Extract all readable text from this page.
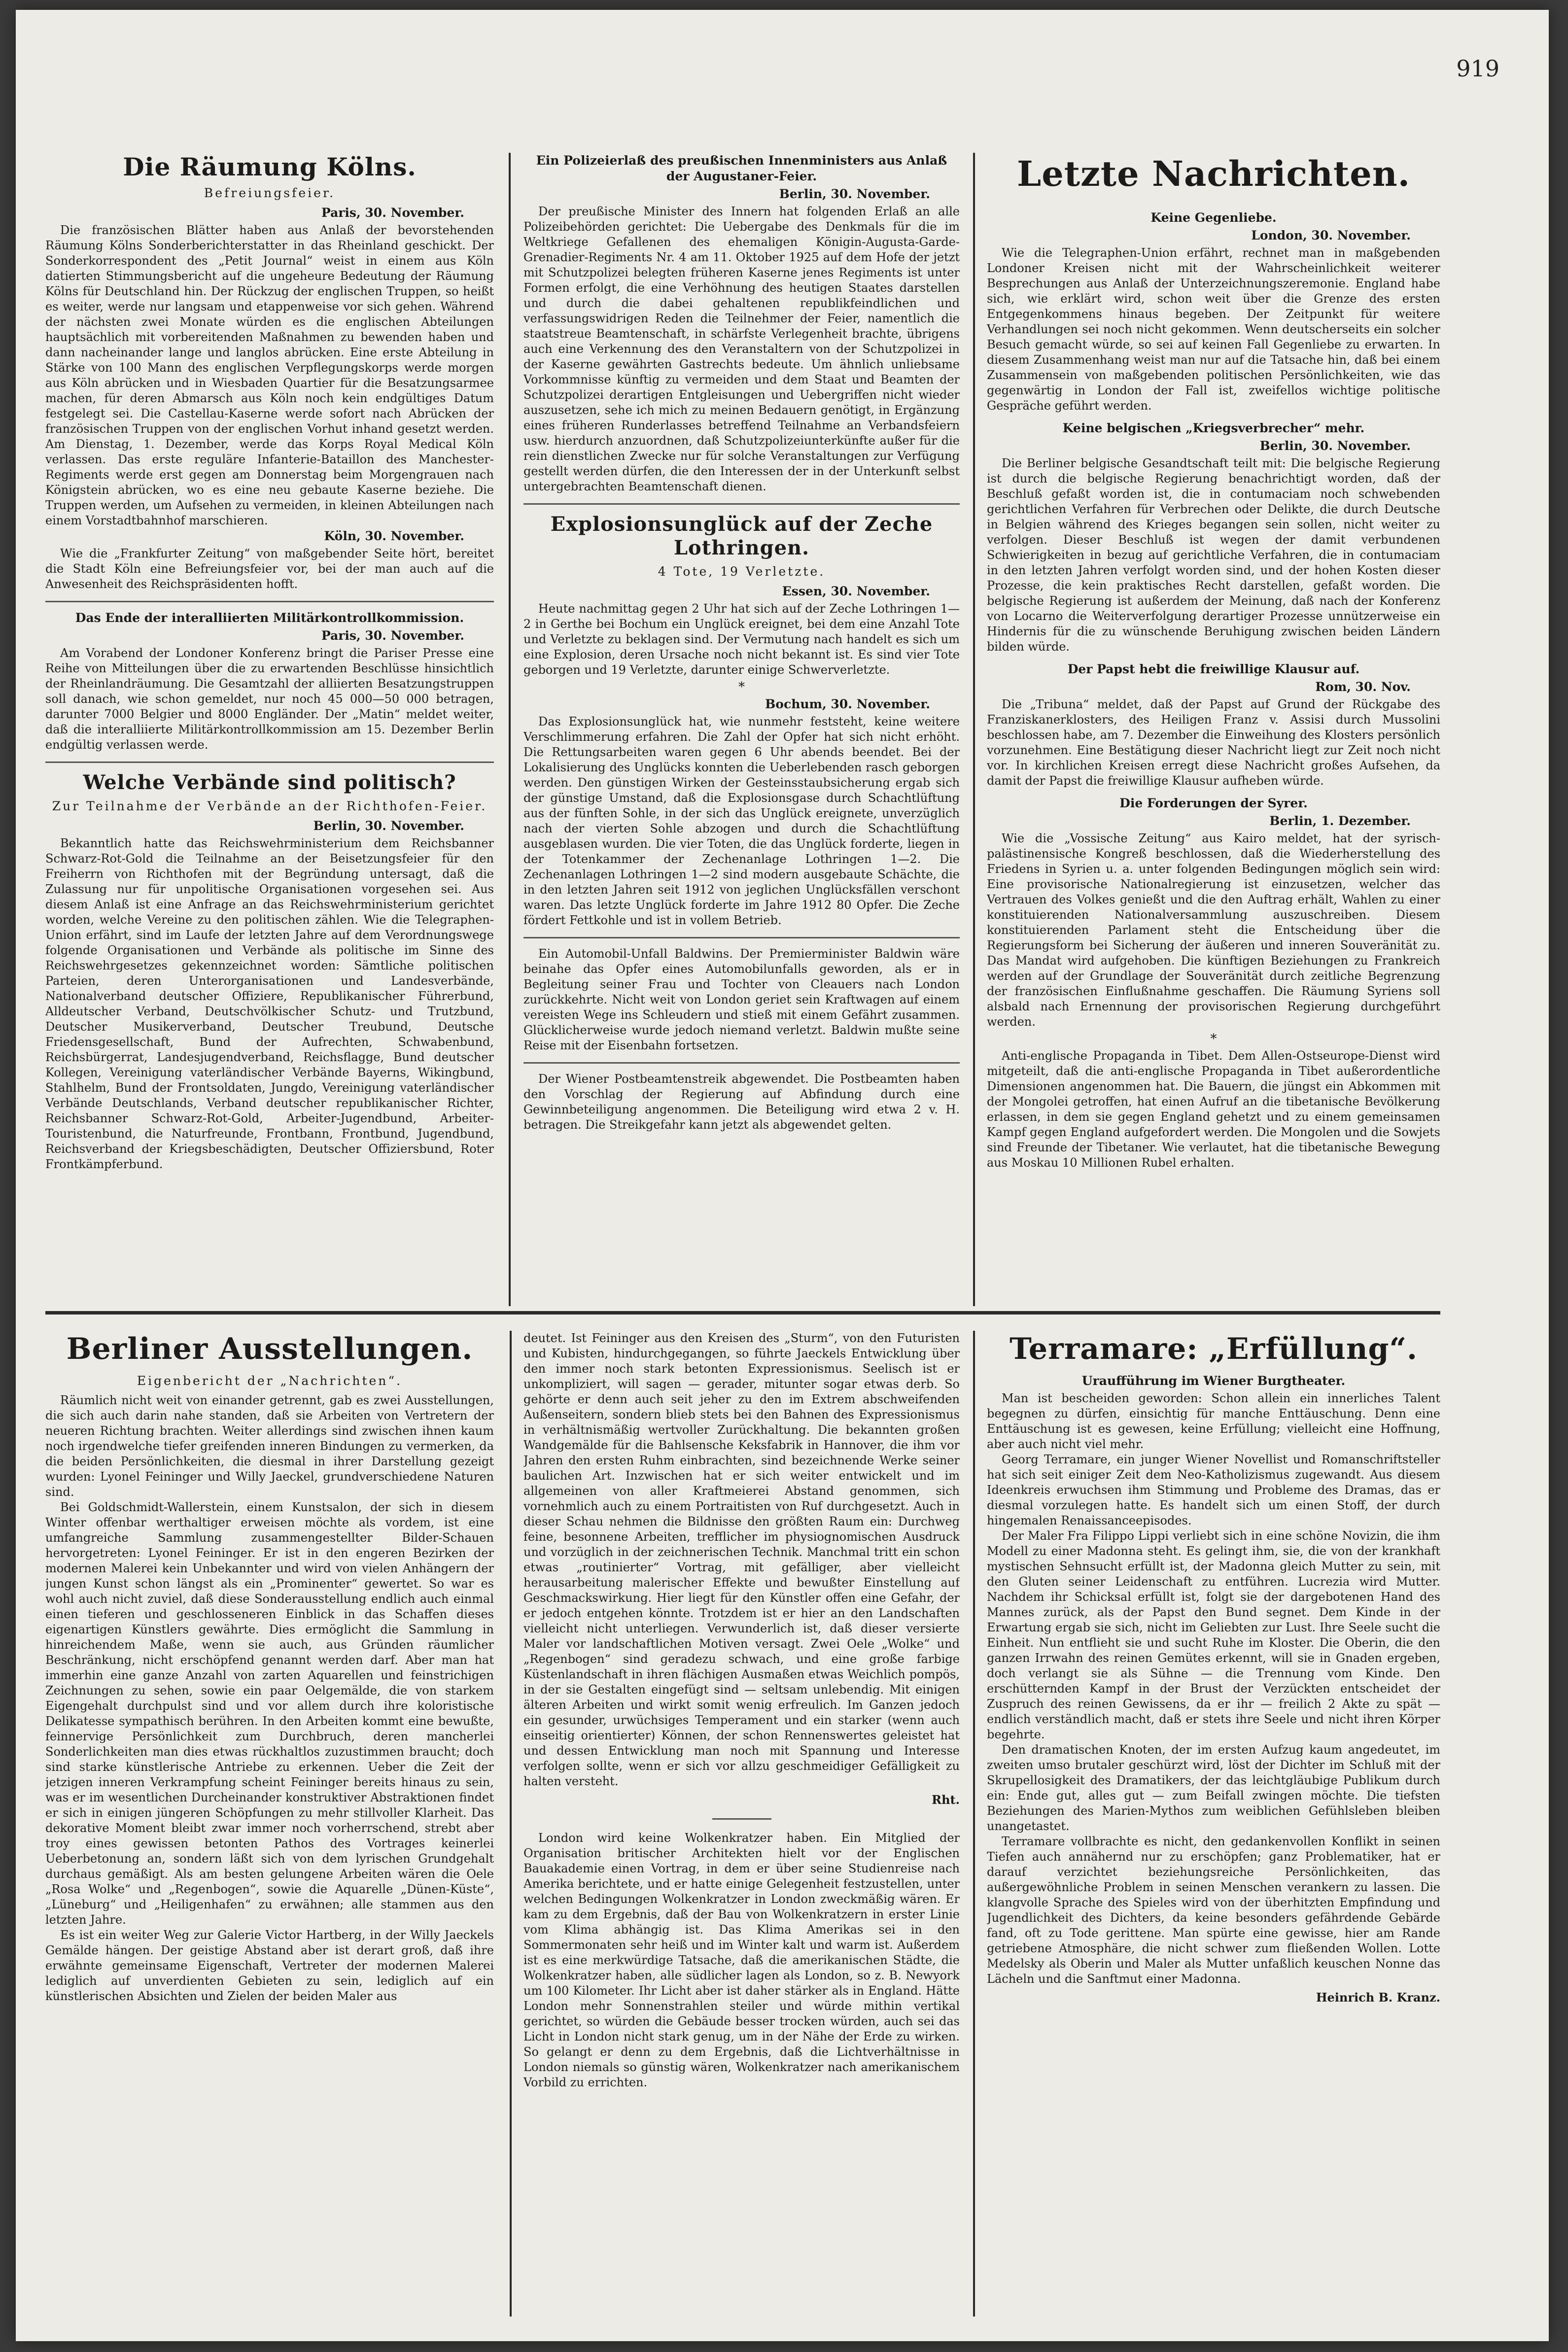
919
Die Räumung Kölns.
Befreiungsfeier.
Paris, 30. November.

Die französischen Blätter haben aus Anlaß der bevorstehenden Räumung Kölns Sonderberichterstatter in das Rheinland geschickt. Der Sonderkorrespondent des „Petit Journal“ weist in einem aus Köln datierten Stimmungsbericht auf die ungeheure Bedeutung der Räumung Kölns für Deutschland hin. Der Rückzug der englischen Truppen, so heißt es weiter, werde nur langsam und etappenweise vor sich gehen. Während der nächsten zwei Monate würden es die englischen Abteilungen hauptsächlich mit vorbereitenden Maßnahmen zu bewenden haben und dann nacheinander lange und langlos abrücken. Eine erste Abteilung in Stärke von 100 Mann des englischen Verpflegungskorps werde morgen aus Köln abrücken und in Wiesbaden Quartier für die Besatzungsarmee machen, für deren Abmarsch aus Köln noch kein endgültiges Datum festgelegt sei. Die Castellau-Kaserne werde sofort nach Abrücken der französischen Truppen von der englischen Vorhut inhand gesetzt werden. Am Dienstag, 1. Dezember, werde das Korps Royal Medical Köln verlassen. Das erste reguläre Infanterie-Bataillon des Manchester-Regiments werde erst gegen am Donnerstag beim Morgengrauen nach Königstein abrücken, wo es eine neu gebaute Kaserne beziehe. Die Truppen werden, um Aufsehen zu vermeiden, in kleinen Abteilungen nach einem Vorstadtbahnhof marschieren.

Köln, 30. November.

Wie die „Frankfurter Zeitung“ von maßgebender Seite hört, bereitet die Stadt Köln eine Befreiungsfeier vor, bei der man auch auf die Anwesenheit des Reichspräsidenten hofft.

Das Ende der interalliierten Militärkontrollkommission.
Paris, 30. November.

Am Vorabend der Londoner Konferenz bringt die Pariser Presse eine Reihe von Mitteilungen über die zu erwartenden Beschlüsse hinsichtlich der Rheinlandräumung. Die Gesamtzahl der alliierten Besatzungstruppen soll danach, wie schon gemeldet, nur noch 45 000—50 000 betragen, darunter 7000 Belgier und 8000 Engländer. Der „Matin“ meldet weiter, daß die interalliierte Militärkontrollkommission am 15. Dezember Berlin endgültig verlassen werde.

Welche Verbände sind politisch?
Zur Teilnahme der Verbände an der Richthofen-Feier.
Berlin, 30. November.

Bekanntlich hatte das Reichswehrministerium dem Reichsbanner Schwarz-Rot-Gold die Teilnahme an der Beisetzungsfeier für den Freiherrn von Richthofen mit der Begründung untersagt, daß die Zulassung nur für unpolitische Organisationen vorgesehen sei. Aus diesem Anlaß ist eine Anfrage an das Reichswehrministerium gerichtet worden, welche Vereine zu den politischen zählen. Wie die Telegraphen-Union erfährt, sind im Laufe der letzten Jahre auf dem Verordnungswege folgende Organisationen und Verbände als politische im Sinne des Reichswehrgesetzes gekennzeichnet worden: Sämtliche politischen Parteien, deren Unterorganisationen und Landesverbände, Nationalverband deutscher Offiziere, Republikanischer Führerbund, Alldeutscher Verband, Deutschvölkischer Schutz- und Trutzbund, Deutscher Musikerverband, Deutscher Treubund, Deutsche Friedensgesellschaft, Bund der Aufrechten, Schwabenbund, Reichsbürgerrat, Landesjugendverband, Reichsflagge, Bund deutscher Kollegen, Vereinigung vaterländischer Verbände Bayerns, Wikingbund, Stahlhelm, Bund der Frontsoldaten, Jungdo, Vereinigung vaterländischer Verbände Deutschlands, Verband deutscher republikanischer Richter, Reichsbanner Schwarz-Rot-Gold, Arbeiter-Jugendbund, Arbeiter-Touristenbund, die Naturfreunde, Frontbann, Frontbund, Jugendbund, Reichsverband der Kriegsbeschädigten, Deutscher Offiziersbund, Roter Frontkämpferbund.

Ein Polizeierlaß des preußischen Innenministers aus Anlaß der Augustaner-Feier.
Berlin, 30. November.

Der preußische Minister des Innern hat folgenden Erlaß an alle Polizeibehörden gerichtet: Die Uebergabe des Denkmals für die im Weltkriege Gefallenen des ehemaligen Königin-Augusta-Garde-Grenadier-Regiments Nr. 4 am 11. Oktober 1925 auf dem Hofe der jetzt mit Schutzpolizei belegten früheren Kaserne jenes Regiments ist unter Formen erfolgt, die eine Verhöhnung des heutigen Staates darstellen und durch die dabei gehaltenen republikfeindlichen und verfassungswidrigen Reden die Teilnehmer der Feier, namentlich die staatstreue Beamtenschaft, in schärfste Verlegenheit brachte, übrigens auch eine Verkennung des den Veranstaltern von der Schutzpolizei in der Kaserne gewährten Gastrechts bedeute. Um ähnlich unliebsame Vorkommnisse künftig zu vermeiden und dem Staat und Beamten der Schutzpolizei derartigen Entgleisungen und Uebergriffen nicht wieder auszusetzen, sehe ich mich zu meinen Bedauern genötigt, in Ergänzung eines früheren Runderlasses betreffend Teilnahme an Verbandsfeiern usw. hierdurch anzuordnen, daß Schutzpolizeiunterkünfte außer für die rein dienstlichen Zwecke nur für solche Veranstaltungen zur Verfügung gestellt werden dürfen, die den Interessen der in der Unterkunft selbst untergebrachten Beamtenschaft dienen.

Explosionsunglück auf der Zeche Lothringen.
4 Tote, 19 Verletzte.
Essen, 30. November.

Heute nachmittag gegen 2 Uhr hat sich auf der Zeche Lothringen 1—2 in Gerthe bei Bochum ein Unglück ereignet, bei dem eine Anzahl Tote und Verletzte zu beklagen sind. Der Vermutung nach handelt es sich um eine Explosion, deren Ursache noch nicht bekannt ist. Es sind vier Tote geborgen und 19 Verletzte, darunter einige Schwerverletzte.

*
Bochum, 30. November.

Das Explosionsunglück hat, wie nunmehr feststeht, keine weitere Verschlimmerung erfahren. Die Zahl der Opfer hat sich nicht erhöht. Die Rettungsarbeiten waren gegen 6 Uhr abends beendet. Bei der Lokalisierung des Unglücks konnten die Ueberlebenden rasch geborgen werden. Den günstigen Wirken der Gesteinsstaubsicherung ergab sich der günstige Umstand, daß die Explosionsgase durch Schachtlüftung aus der fünften Sohle, in der sich das Unglück ereignete, unverzüglich nach der vierten Sohle abzogen und durch die Schachtlüftung ausgeblasen wurden. Die vier Toten, die das Unglück forderte, liegen in der Totenkammer der Zechenanlage Lothringen 1—2. Die Zechenanlagen Lothringen 1—2 sind modern ausgebaute Schächte, die in den letzten Jahren seit 1912 von jeglichen Unglücksfällen verschont waren. Das letzte Unglück forderte im Jahre 1912 80 Opfer. Die Zeche fördert Fettkohle und ist in vollem Betrieb.

Ein Automobil-Unfall Baldwins. Der Premierminister Baldwin wäre beinahe das Opfer eines Automobilunfalls geworden, als er in Begleitung seiner Frau und Tochter von Cleauers nach London zurückkehrte. Nicht weit von London geriet sein Kraftwagen auf einem vereisten Wege ins Schleudern und stieß mit einem Gefährt zusammen. Glücklicherweise wurde jedoch niemand verletzt. Baldwin mußte seine Reise mit der Eisenbahn fortsetzen.

Der Wiener Postbeamtenstreik abgewendet. Die Postbeamten haben den Vorschlag der Regierung auf Abfindung durch eine Gewinnbeteiligung angenommen. Die Beteiligung wird etwa 2 v. H. betragen. Die Streikgefahr kann jetzt als abgewendet gelten.

Letzte Nachrichten.
Keine Gegenliebe.
London, 30. November.

Wie die Telegraphen-Union erfährt, rechnet man in maßgebenden Londoner Kreisen nicht mit der Wahrscheinlichkeit weiterer Besprechungen aus Anlaß der Unterzeichnungszeremonie. England habe sich, wie erklärt wird, schon weit über die Grenze des ersten Entgegenkommens hinaus begeben. Der Zeitpunkt für weitere Verhandlungen sei noch nicht gekommen. Wenn deutscherseits ein solcher Besuch gemacht würde, so sei auf keinen Fall Gegenliebe zu erwarten. In diesem Zusammenhang weist man nur auf die Tatsache hin, daß bei einem Zusammensein von maßgebenden politischen Persönlichkeiten, wie das gegenwärtig in London der Fall ist, zweifellos wichtige politische Gespräche geführt werden.

Keine belgischen „Kriegsverbrecher“ mehr.
Berlin, 30. November.

Die Berliner belgische Gesandtschaft teilt mit: Die belgische Regierung ist durch die belgische Regierung benachrichtigt worden, daß der Beschluß gefaßt worden ist, die in contumaciam noch schwebenden gerichtlichen Verfahren für Verbrechen oder Delikte, die durch Deutsche in Belgien während des Krieges begangen sein sollen, nicht weiter zu verfolgen. Dieser Beschluß ist wegen der damit verbundenen Schwierigkeiten in bezug auf gerichtliche Verfahren, die in contumaciam in den letzten Jahren verfolgt worden sind, und der hohen Kosten dieser Prozesse, die kein praktisches Recht darstellen, gefaßt worden. Die belgische Regierung ist außerdem der Meinung, daß nach der Konferenz von Locarno die Weiterverfolgung derartiger Prozesse unnützerweise ein Hindernis für die zu wünschende Beruhigung zwischen beiden Ländern bilden würde.

Der Papst hebt die freiwillige Klausur auf.
Rom, 30. Nov.

Die „Tribuna“ meldet, daß der Papst auf Grund der Rückgabe des Franziskanerklosters, des Heiligen Franz v. Assisi durch Mussolini beschlossen habe, am 7. Dezember die Einweihung des Klosters persönlich vorzunehmen. Eine Bestätigung dieser Nachricht liegt zur Zeit noch nicht vor. In kirchlichen Kreisen erregt diese Nachricht großes Aufsehen, da damit der Papst die freiwillige Klausur aufheben würde.

Die Forderungen der Syrer.
Berlin, 1. Dezember.

Wie die „Vossische Zeitung“ aus Kairo meldet, hat der syrisch-palästinensische Kongreß beschlossen, daß die Wiederherstellung des Friedens in Syrien u. a. unter folgenden Bedingungen möglich sein wird: Eine provisorische Nationalregierung ist einzusetzen, welcher das Vertrauen des Volkes genießt und die den Auftrag erhält, Wahlen zu einer konstituierenden Nationalversammlung auszuschreiben. Diesem konstituierenden Parlament steht die Entscheidung über die Regierungsform bei Sicherung der äußeren und inneren Souveränität zu. Das Mandat wird aufgehoben. Die künftigen Beziehungen zu Frankreich werden auf der Grundlage der Souveränität durch zeitliche Begrenzung der französischen Einflußnahme geschaffen. Die Räumung Syriens soll alsbald nach Ernennung der provisorischen Regierung durchgeführt werden.

*

Anti-englische Propaganda in Tibet. Dem Allen-Ostseurope-Dienst wird mitgeteilt, daß die anti-englische Propaganda in Tibet außerordentliche Dimensionen angenommen hat. Die Bauern, die jüngst ein Abkommen mit der Mongolei getroffen, hat einen Aufruf an die tibetanische Bevölkerung erlassen, in dem sie gegen England gehetzt und zu einem gemeinsamen Kampf gegen England aufgefordert werden. Die Mongolen und die Sowjets sind Freunde der Tibetaner. Wie verlautet, hat die tibetanische Bewegung aus Moskau 10 Millionen Rubel erhalten.

Berliner Ausstellungen.
Eigenbericht der „Nachrichten“.

Räumlich nicht weit von einander getrennt, gab es zwei Ausstellungen, die sich auch darin nahe standen, daß sie Arbeiten von Vertretern der neueren Richtung brachten. Weiter allerdings sind zwischen ihnen kaum noch irgendwelche tiefer greifenden inneren Bindungen zu vermerken, da die beiden Persönlichkeiten, die diesmal in ihrer Darstellung gezeigt wurden: Lyonel Feininger und Willy Jaeckel, grundverschiedene Naturen sind.

Bei Goldschmidt-Wallerstein, einem Kunstsalon, der sich in diesem Winter offenbar werthaltiger erweisen möchte als vordem, ist eine umfangreiche Sammlung zusammengestellter Bilder-Schauen hervorgetreten: Lyonel Feininger. Er ist in den engeren Bezirken der modernen Malerei kein Unbekannter und wird von vielen Anhängern der jungen Kunst schon längst als ein „Prominenter“ gewertet. So war es wohl auch nicht zuviel, daß diese Sonderausstellung endlich auch einmal einen tieferen und geschlosseneren Einblick in das Schaffen dieses eigenartigen Künstlers gewährte. Dies ermöglicht die Sammlung in hinreichendem Maße, wenn sie auch, aus Gründen räumlicher Beschränkung, nicht erschöpfend genannt werden darf. Aber man hat immerhin eine ganze Anzahl von zarten Aquarellen und feinstrichigen Zeichnungen zu sehen, sowie ein paar Oelgemälde, die von starkem Eigengehalt durchpulst sind und vor allem durch ihre koloristische Delikatesse sympathisch berühren. In den Arbeiten kommt eine bewußte, feinnervige Persönlichkeit zum Durchbruch, deren mancherlei Sonderlichkeiten man dies etwas rückhaltlos zuzustimmen braucht; doch sind starke künstlerische Antriebe zu erkennen. Ueber die Zeit der jetzigen inneren Verkrampfung scheint Feininger bereits hinaus zu sein, was er im wesentlichen Durcheinander konstruktiver Abstraktionen findet er sich in einigen jüngeren Schöpfungen zu mehr stillvoller Klarheit. Das dekorative Moment bleibt zwar immer noch vorherrschend, strebt aber troy eines gewissen betonten Pathos des Vortrages keinerlei Ueberbetonung an, sondern läßt sich von dem lyrischen Grundgehalt durchaus gemäßigt. Als am besten gelungene Arbeiten wären die Oele „Rosa Wolke“ und „Regenbogen“, sowie die Aquarelle „Dünen-Küste“, „Lüneburg“ und „Heiligenhafen“ zu erwähnen; alle stammen aus den letzten Jahre.

Es ist ein weiter Weg zur Galerie Victor Hartberg, in der Willy Jaeckels Gemälde hängen. Der geistige Abstand aber ist derart groß, daß ihre erwähnte gemeinsame Eigenschaft, Vertreter der modernen Malerei lediglich auf unverdienten Gebieten zu sein, lediglich auf ein künstlerischen Absichten und Zielen der beiden Maler aus

deutet. Ist Feininger aus den Kreisen des „Sturm“, von den Futuristen und Kubisten, hindurchgegangen, so führte Jaeckels Entwicklung über den immer noch stark betonten Expressionismus. Seelisch ist er unkompliziert, will sagen — gerader, mitunter sogar etwas derb. So gehörte er denn auch seit jeher zu den im Extrem abschweifenden Außenseitern, sondern blieb stets bei den Bahnen des Expressionismus in verhältnismäßig wertvoller Zurückhaltung. Die bekannten großen Wandgemälde für die Bahlsensche Keksfabrik in Hannover, die ihm vor Jahren den ersten Ruhm einbrachten, sind bezeichnende Werke seiner baulichen Art. Inzwischen hat er sich weiter entwickelt und im allgemeinen von aller Kraftmeierei Abstand genommen, sich vornehmlich auch zu einem Portraitisten von Ruf durchgesetzt. Auch in dieser Schau nehmen die Bildnisse den größten Raum ein: Durchweg feine, besonnene Arbeiten, trefflicher im physiognomischen Ausdruck und vorzüglich in der zeichnerischen Technik. Manchmal tritt ein schon etwas „routinierter“ Vortrag, mit gefälliger, aber vielleicht herausarbeitung malerischer Effekte und bewußter Einstellung auf Geschmackswirkung. Hier liegt für den Künstler offen eine Gefahr, der er jedoch entgehen könnte. Trotzdem ist er hier an den Landschaften vielleicht nicht unterliegen. Verwunderlich ist, daß dieser versierte Maler vor landschaftlichen Motiven versagt. Zwei Oele „Wolke“ und „Regenbogen“ sind geradezu schwach, und eine große farbige Küstenlandschaft in ihren flächigen Ausmaßen etwas Weichlich pompös, in der sie Gestalten eingefügt sind — seltsam unlebendig. Mit einigen älteren Arbeiten und wirkt somit wenig erfreulich. Im Ganzen jedoch ein gesunder, urwüchsiges Temperament und ein starker (wenn auch einseitig orientierter) Können, der schon Rennenswertes geleistet hat und dessen Entwicklung man noch mit Spannung und Interesse verfolgen sollte, wenn er sich vor allzu geschmeidiger Gefälligkeit zu halten versteht.

Rht.

London wird keine Wolkenkratzer haben. Ein Mitglied der Organisation britischer Architekten hielt vor der Englischen Bauakademie einen Vortrag, in dem er über seine Studienreise nach Amerika berichtete, und er hatte einige Gelegenheit festzustellen, unter welchen Bedingungen Wolkenkratzer in London zweckmäßig wären. Er kam zu dem Ergebnis, daß der Bau von Wolkenkratzern in erster Linie vom Klima abhängig ist. Das Klima Amerikas sei in den Sommermonaten sehr heiß und im Winter kalt und warm ist. Außerdem ist es eine merkwürdige Tatsache, daß die amerikanischen Städte, die Wolkenkratzer haben, alle südlicher lagen als London, so z. B. Newyork um 100 Kilometer. Ihr Licht aber ist daher stärker als in England. Hätte London mehr Sonnenstrahlen steiler und würde mithin vertikal gerichtet, so würden die Gebäude besser trocken würden, auch sei das Licht in London nicht stark genug, um in der Nähe der Erde zu wirken. So gelangt er denn zu dem Ergebnis, daß die Lichtverhältnisse in London niemals so günstig wären, Wolkenkratzer nach amerikanischem Vorbild zu errichten.

Terramare: „Erfüllung“.
Uraufführung im Wiener Burgtheater.

Man ist bescheiden geworden: Schon allein ein innerliches Talent begegnen zu dürfen, einsichtig für manche Enttäuschung. Denn eine Enttäuschung ist es gewesen, keine Erfüllung; vielleicht eine Hoffnung, aber auch nicht viel mehr.

Georg Terramare, ein junger Wiener Novellist und Romanschriftsteller hat sich seit einiger Zeit dem Neo-Katholizismus zugewandt. Aus diesem Ideenkreis erwuchsen ihm Stimmung und Probleme des Dramas, das er diesmal vorzulegen hatte. Es handelt sich um einen Stoff, der durch hingemalen Renaissanceepisodes.

Der Maler Fra Filippo Lippi verliebt sich in eine schöne Novizin, die ihm Modell zu einer Madonna steht. Es gelingt ihm, sie, die von der krankhaft mystischen Sehnsucht erfüllt ist, der Madonna gleich Mutter zu sein, mit den Gluten seiner Leidenschaft zu entführen. Lucrezia wird Mutter. Nachdem ihr Schicksal erfüllt ist, folgt sie der dargebotenen Hand des Mannes zurück, als der Papst den Bund segnet. Dem Kinde in der Erwartung ergab sie sich, nicht im Geliebten zur Lust. Ihre Seele sucht die Einheit. Nun entflieht sie und sucht Ruhe im Kloster. Die Oberin, die den ganzen Irrwahn des reinen Gemütes erkennt, will sie in Gnaden ergeben, doch verlangt sie als Sühne — die Trennung vom Kinde. Den erschütternden Kampf in der Brust der Verzückten entscheidet der Zuspruch des reinen Gewissens, da er ihr — freilich 2 Akte zu spät — endlich verständlich macht, daß er stets ihre Seele und nicht ihren Körper begehrte.

Den dramatischen Knoten, der im ersten Aufzug kaum angedeutet, im zweiten umso brutaler geschürzt wird, löst der Dichter im Schluß mit der Skrupellosigkeit des Dramatikers, der das leichtgläubige Publikum durch ein: Ende gut, alles gut — zum Beifall zwingen möchte. Die tiefsten Beziehungen des Marien-Mythos zum weiblichen Gefühlsleben bleiben unangetastet.

Terramare vollbrachte es nicht, den gedankenvollen Konflikt in seinen Tiefen auch annähernd nur zu erschöpfen; ganz Problematiker, hat er darauf verzichtet beziehungsreiche Persönlichkeiten, das außergewöhnliche Problem in seinen Menschen verankern zu lassen. Die klangvolle Sprache des Spieles wird von der überhitzten Empfindung und Jugendlichkeit des Dichters, da keine besonders gefährdende Gebärde fand, oft zu Tode gerittene. Man spürte eine gewisse, hier am Rande getriebene Atmosphäre, die nicht schwer zum fließenden Wollen. Lotte Medelsky als Oberin und Maler als Mutter unfaßlich keuschen Nonne das Lächeln und die Sanftmut einer Madonna.

Heinrich B. Kranz.
